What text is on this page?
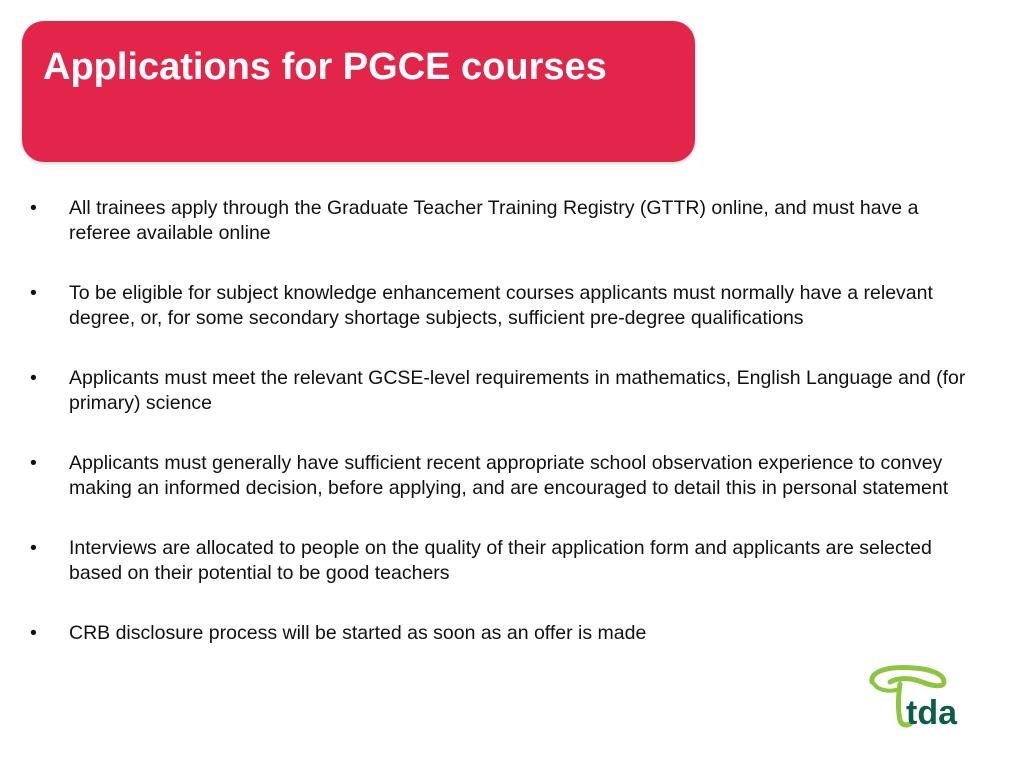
Applications for PGCE courses
• All trainees apply through the Graduate Teacher Training Registry (GTTR) online, and must have a referee available online
• To be eligible for subject knowledge enhancement courses applicants must normally have a relevant degree, or, for some secondary shortage subjects, sufficient pre-degree qualifications
• Applicants must meet the relevant GCSE-level requirements in mathematics, English Language and (for primary) science
• Applicants must generally have sufficient recent appropriate school observation experience to convey making an informed decision, before applying, and are encouraged to detail this in personal statement
• Interviews are allocated to people on the quality of their application form and applicants are selected based on their potential to be good teachers
• CRB disclosure process will be started as soon as an offer is made
tda
